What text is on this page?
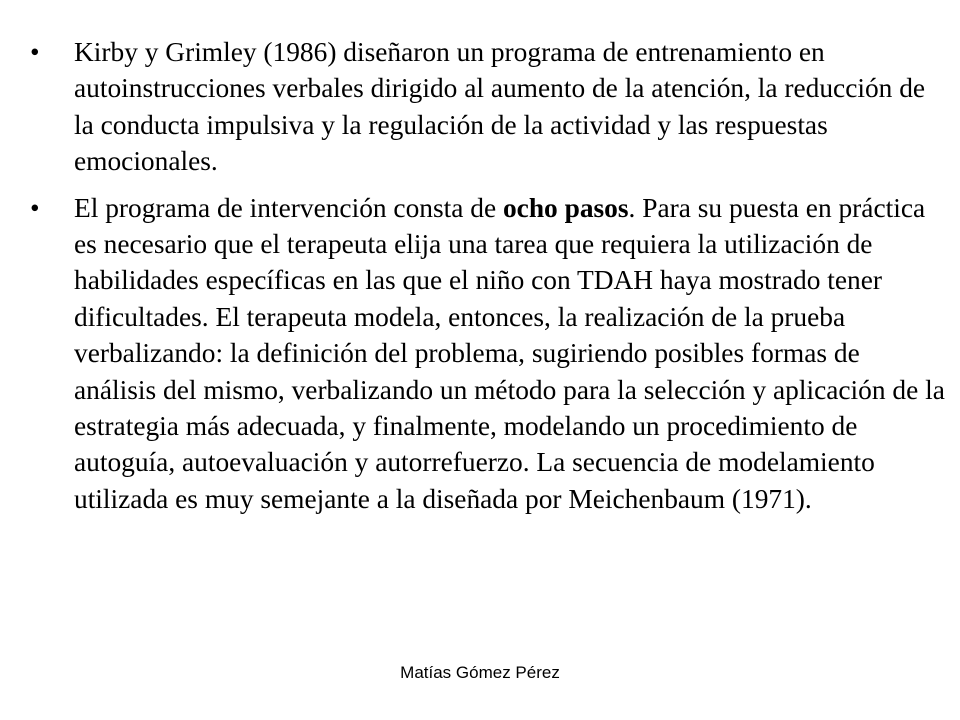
• Kirby y Grimley (1986) diseñaron un programa de entrenamiento en autoinstrucciones verbales dirigido al aumento de la atención, la reducción de la conducta impulsiva y la regulación de la actividad y las respuestas emocionales.
• El programa de intervención consta de ocho pasos. Para su puesta en práctica es necesario que el terapeuta elija una tarea que requiera la utilización de habilidades específicas en las que el niño con TDAH haya mostrado tener dificultades. El terapeuta modela, entonces, la realización de la prueba verbalizando: la definición del problema, sugiriendo posibles formas de análisis del mismo, verbalizando un método para la selección y aplicación de la estrategia más adecuada, y finalmente, modelando un procedimiento de autoguía, autoevaluación y autorrefuerzo. La secuencia de modelamiento utilizada es muy semejante a la diseñada por Meichenbaum (1971).
Matías Gómez Pérez
